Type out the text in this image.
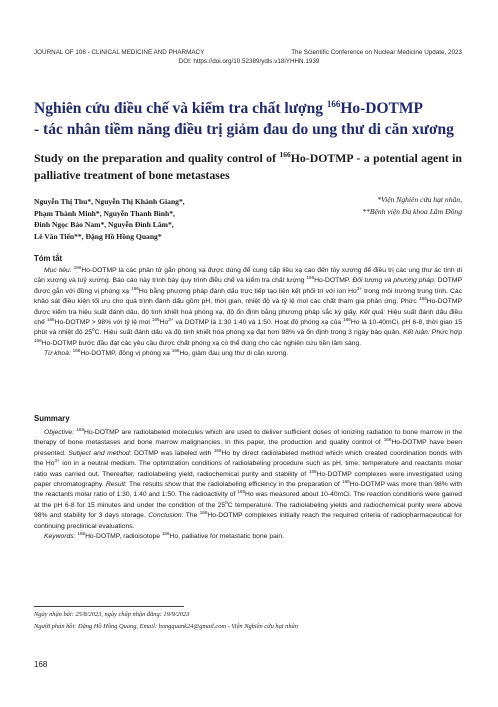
JOURNAL OF 108 - CLINICAL MEDICINE AND PHARMACY	The Scientific Conference on Nuclear Medicine Update, 2023
DOI: https://doi.org/10.52389/ydls.v18iYHHN.1939
Nghiên cứu điều chế và kiểm tra chất lượng $^{166}$Ho-DOTMP
- tác nhân tiềm năng điều trị giảm đau do ung thư di căn xương
Study on the preparation and quality control of $^{166}$Ho-DOTMP - a potential agent in palliative treatment of bone metastases
Nguyễn Thị Thu*, Nguyễn Thị Khánh Giang*,
Phạm Thành Minh*, Nguyễn Thanh Bình*,
Đinh Ngọc Bảo Nam*, Nguyễn Đình Lâm*,
Lê Văn Tiến**, Đặng Hồ Hồng Quang*
*Viện Nghiên cứu hạt nhân,
**Bệnh viện Đa khoa Lâm Đồng
Tóm tắt

Mục tiêu: $^{166}$Ho-DOTMP là các phân tử gắn phóng xạ được dùng để cung cấp liều xạ cao đến tủy xương để điều trị các ung thư ác tính di căn xương và tuỷ xương. Báo cáo này trình bày quy trình điều chế và kiểm tra chất lượng $^{166}$Ho-DOTMP. Đối tượng và phương pháp: DOTMP được gắn với đồng vị phóng xạ $^{166}$Ho bằng phương pháp đánh dấu trực tiếp tạo liên kết phối trí với ion $Ho^{3+}$ trong môi trường trung tính. Các khảo sát điều kiện tối ưu cho quá trình đánh dấu gồm pH, thời gian, nhiệt độ và tỷ lệ mol các chất tham gia phản ứng. Phức $^{166}$Ho-DOTMP được kiểm tra hiệu suất đánh dấu, độ tinh khiết hoá phóng xạ, độ ổn định bằng phương pháp sắc ký giấy. Kết quả: Hiệu suất đánh dấu điều chế $^{166}$Ho-DOTMP > 98% với tỷ lệ mol $^{166}Ho^{3+}$ và DOTMP là 1:30 1:40 và 1:50. Hoạt độ phóng xạ của $^{166}$Ho là 10-40mCi, pH 6-8, thời gian 15 phút và nhiệt độ $25^0C$. Hiệu suất đánh dấu và độ tinh khiết hóa phóng xạ đạt hơn 98% và ổn định trong 3 ngày bảo quản. Kết luận: Phức hợp $^{166}$Ho-DOTMP bước đầu đạt các yêu cầu được chất phóng xạ có thể dùng cho các nghiên cứu tiền lâm sàng.

Từ khoá: $^{166}$Ho-DOTMP, đồng vị phóng xạ $^{166}$Ho, giảm đau ung thư di căn xương.

Summary

Objective: $^{166}$Ho-DOTMP are radiolabeled molecules which are used to deliver sufficient doses of ionizing radiation to bone marrow in the therapy of bone metastases and bone marrow malignancies. In this paper, the production and quality control of $^{166}$Ho-DOTMP have been presented. Subject and method: DOTMP was labeled with $^{166}$Ho by direct radiolabeled method which which created coordination bonds with the $Ho^{3+}$ ion in a neutral medium. The optimization conditions of radiolabeling procedure such as pH, time, temperature and reactants molar ratio was carried out. Thereafter, radiolabeling yield, radiochemical purity and stability of $^{166}$Ho-DOTMP complexes were investigated using paper chromatography. Result: The results show that the radiolabeling efficiency in the preparation of $^{166}$Ho-DOTMP was more than 98% with the reactants molar ratio of 1:30, 1:40 and 1:50. The radioactivity of $^{166}$Ho was measured about 10-40mCi. The reaction conditions were gained at the pH 6-8 for 15 minutes and under the condition of the $25^0C$ temperature. The radiolabeling yields and radiochemical purity were above 98% and stability for 3 days storage. Conclusion: The $^{166}$Ho-DOTMP complexes initially reach the required criteria of radiopharmaceutical for continuing preclinical evaluations.

Keywords: $^{166}$Ho-DOTMP, radioisotope $^{166}$Ho, palliative for metastatic bone pain.

Ngày nhận bài: 25/8/2023, ngày chấp nhận đăng: 19/9/2023
Người phản hồi: Đặng Hồ Hồng Quang, Email: hongquank24@gmail.com - Viện Nghiên cứu hạt nhân
168
